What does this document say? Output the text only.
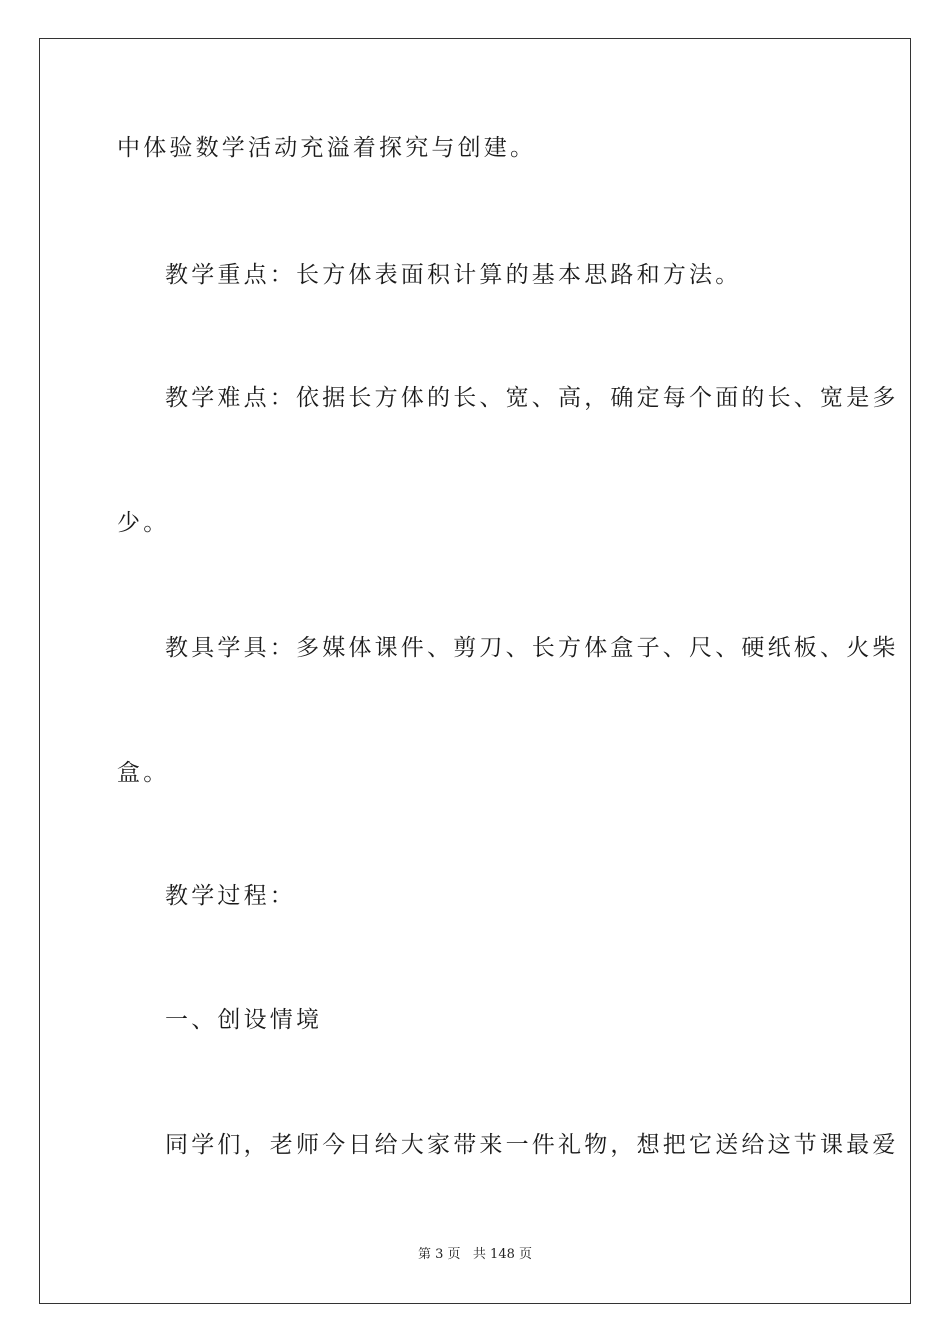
中体验数学活动充溢着探究与创建。
教学重点：长方体表面积计算的基本思路和方法。
教学难点：依据长方体的长、宽、高，确定每个面的长、宽是多
少。
教具学具：多媒体课件、剪刀、长方体盒子、尺、硬纸板、火柴
盒。
教学过程：
一、创设情境
同学们，老师今日给大家带来一件礼物，想把它送给这节课最爱
第 3 页   共 148 页
